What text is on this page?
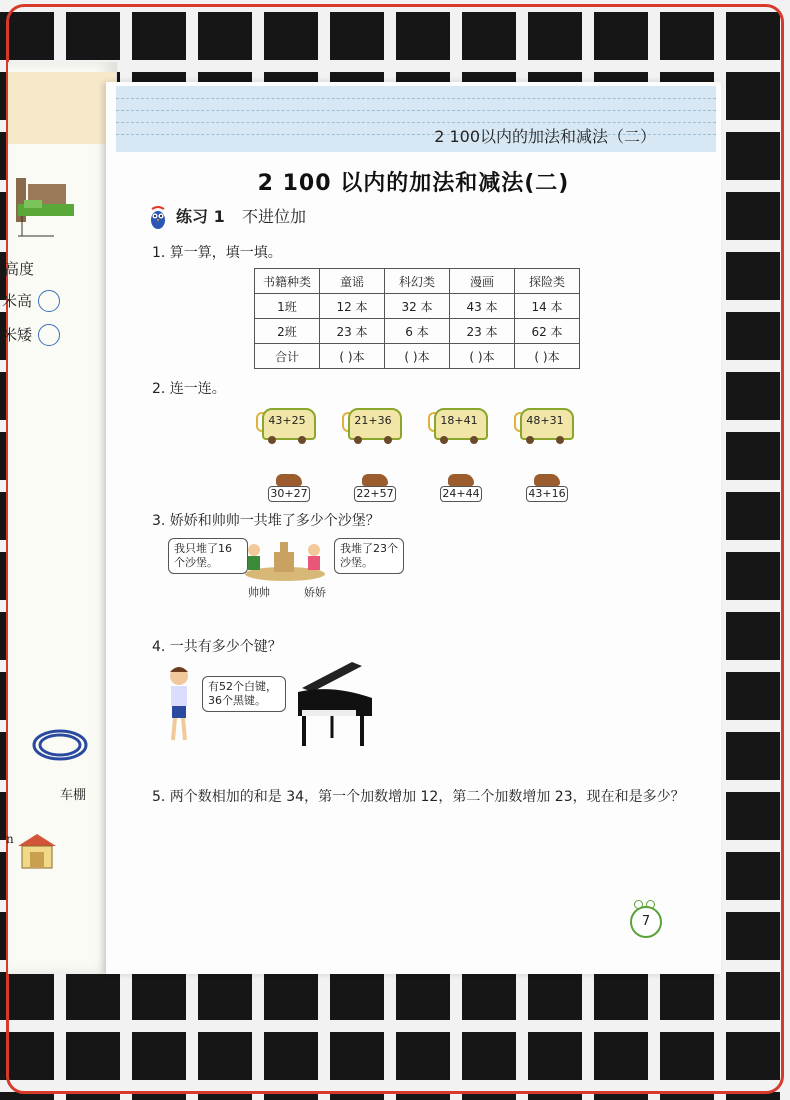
高度
米高
米矮
车棚
n
2 100以内的加法和减法（二）
2 100 以内的加法和减法(二)
练习 1 不进位加
1. 算一算，填一填。
书籍种类	童谣	科幻类	漫画	探险类
1班	12 本	32 本	43 本	14 本
2班	23 本	6 本	23 本	62 本
合计	( )本	( )本	( )本	( )本
2. 连一连。
43+25	21+36	18+41	48+31
30+27	22+57	24+44	43+16
3. 娇娇和帅帅一共堆了多少个沙堡？
我只堆了16个沙堡。
我堆了23个沙堡。
帅帅	娇娇
4. 一共有多少个键？
有52个白键，36个黑键。
5. 两个数相加的和是 34，第一个加数增加 12，第二个加数增加 23，现在和是多少？
7
